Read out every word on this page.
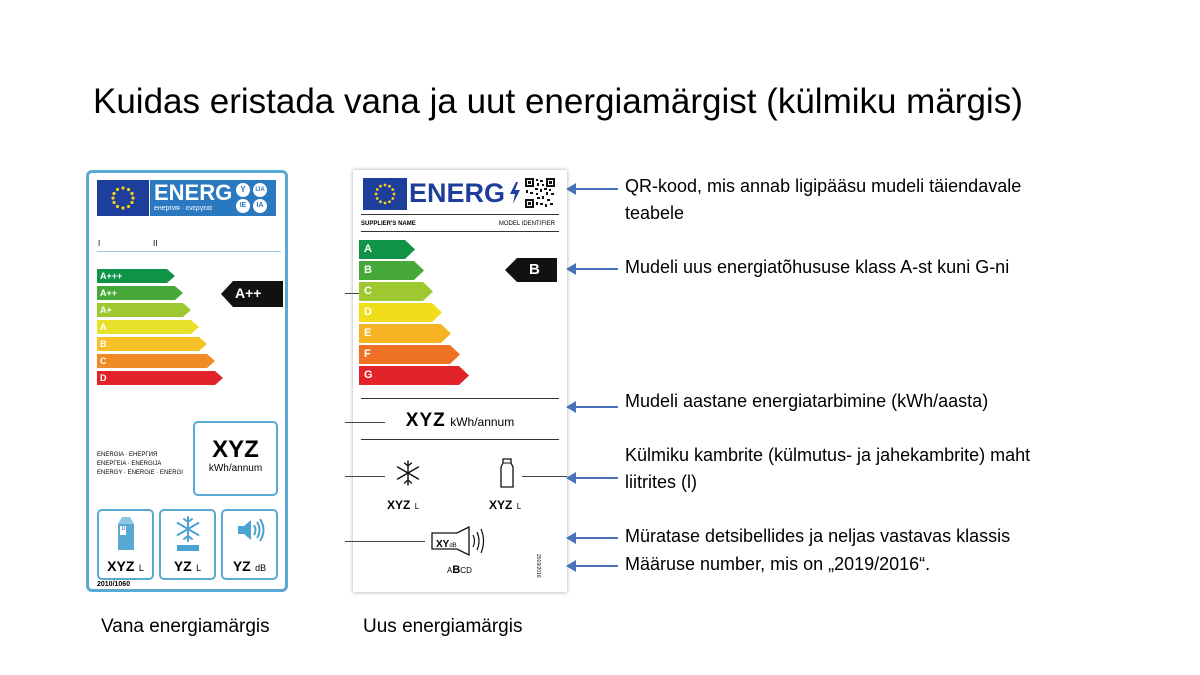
Kuidas eristada vana ja uut energiamärgist (külmiku märgis)
ENERG
енергия · ενεργεια
Y	IJA
IE	IA
I	II
A+++
A++
A+
A
B
C
D
A++
ENERGIA · ЕНЕРГИЯ
ΕΝΕΡΓΕΙΑ · ENERGIJA
ENERGY · ENERGIE · ENERGI
XYZ
kWh/annum
1l
XYZ L	YZ L	YZ dB
2010/1060
ENERG
SUPPLIER'S NAME	MODEL IDENTIFIER
A
B
C
D
E
F
G
B
XYZ kWh/annum
XYZ L	XYZ L
XYdB
ABCD	2019/2016
QR-kood, mis annab ligipääsu mudeli täiendavale
teabele
Mudeli uus energiatõhususe klass A-st kuni G-ni
Mudeli aastane energiatarbimine (kWh/aasta)
Külmiku kambrite (külmutus- ja jahekambrite) maht
liitrites (l)
Müratase detsibellides ja neljas vastavas klassis
Määruse number, mis on „2019/2016“.
Vana energiamärgis	Uus energiamärgis
